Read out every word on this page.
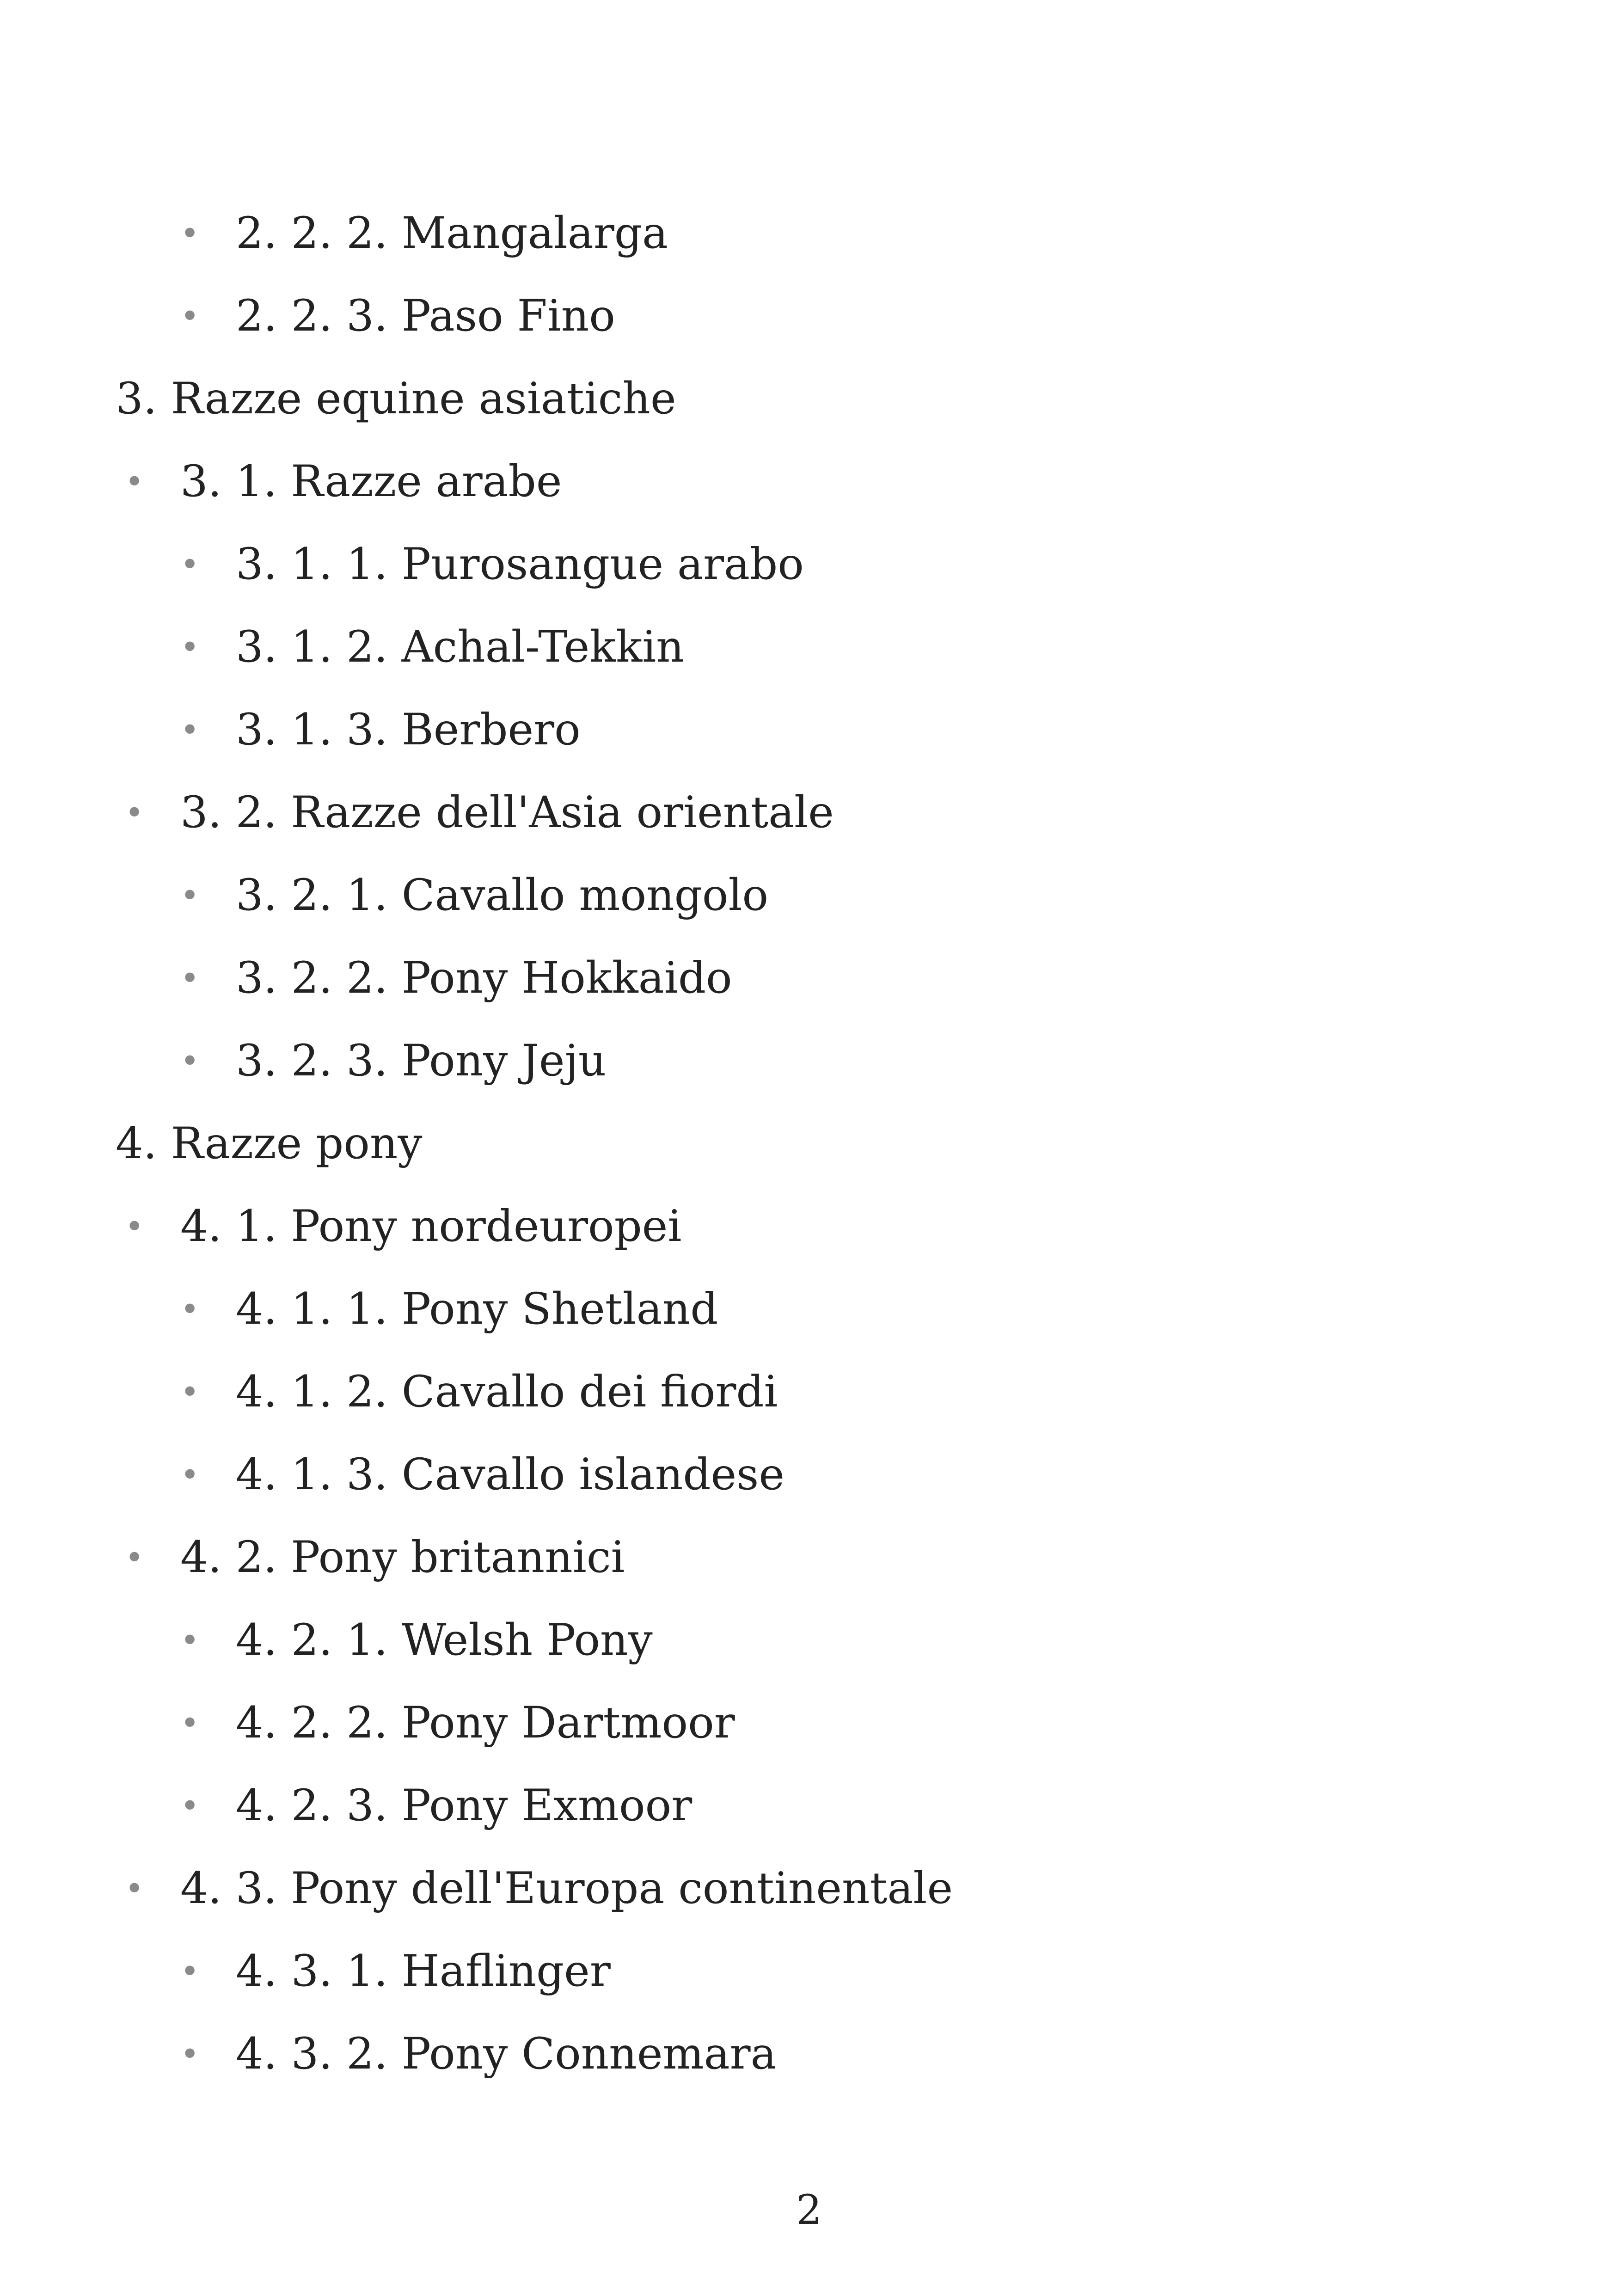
• 2. 2. 2. Mangalarga
• 2. 2. 3. Paso Fino
3. Razze equine asiatiche
• 3. 1. Razze arabe
• 3. 1. 1. Purosangue arabo
• 3. 1. 2. Achal-Tekkin
• 3. 1. 3. Berbero
• 3. 2. Razze dell'Asia orientale
• 3. 2. 1. Cavallo mongolo
• 3. 2. 2. Pony Hokkaido
• 3. 2. 3. Pony Jeju
4. Razze pony
• 4. 1. Pony nordeuropei
• 4. 1. 1. Pony Shetland
• 4. 1. 2. Cavallo dei fiordi
• 4. 1. 3. Cavallo islandese
• 4. 2. Pony britannici
• 4. 2. 1. Welsh Pony
• 4. 2. 2. Pony Dartmoor
• 4. 2. 3. Pony Exmoor
• 4. 3. Pony dell'Europa continentale
• 4. 3. 1. Haflinger
• 4. 3. 2. Pony Connemara
2
